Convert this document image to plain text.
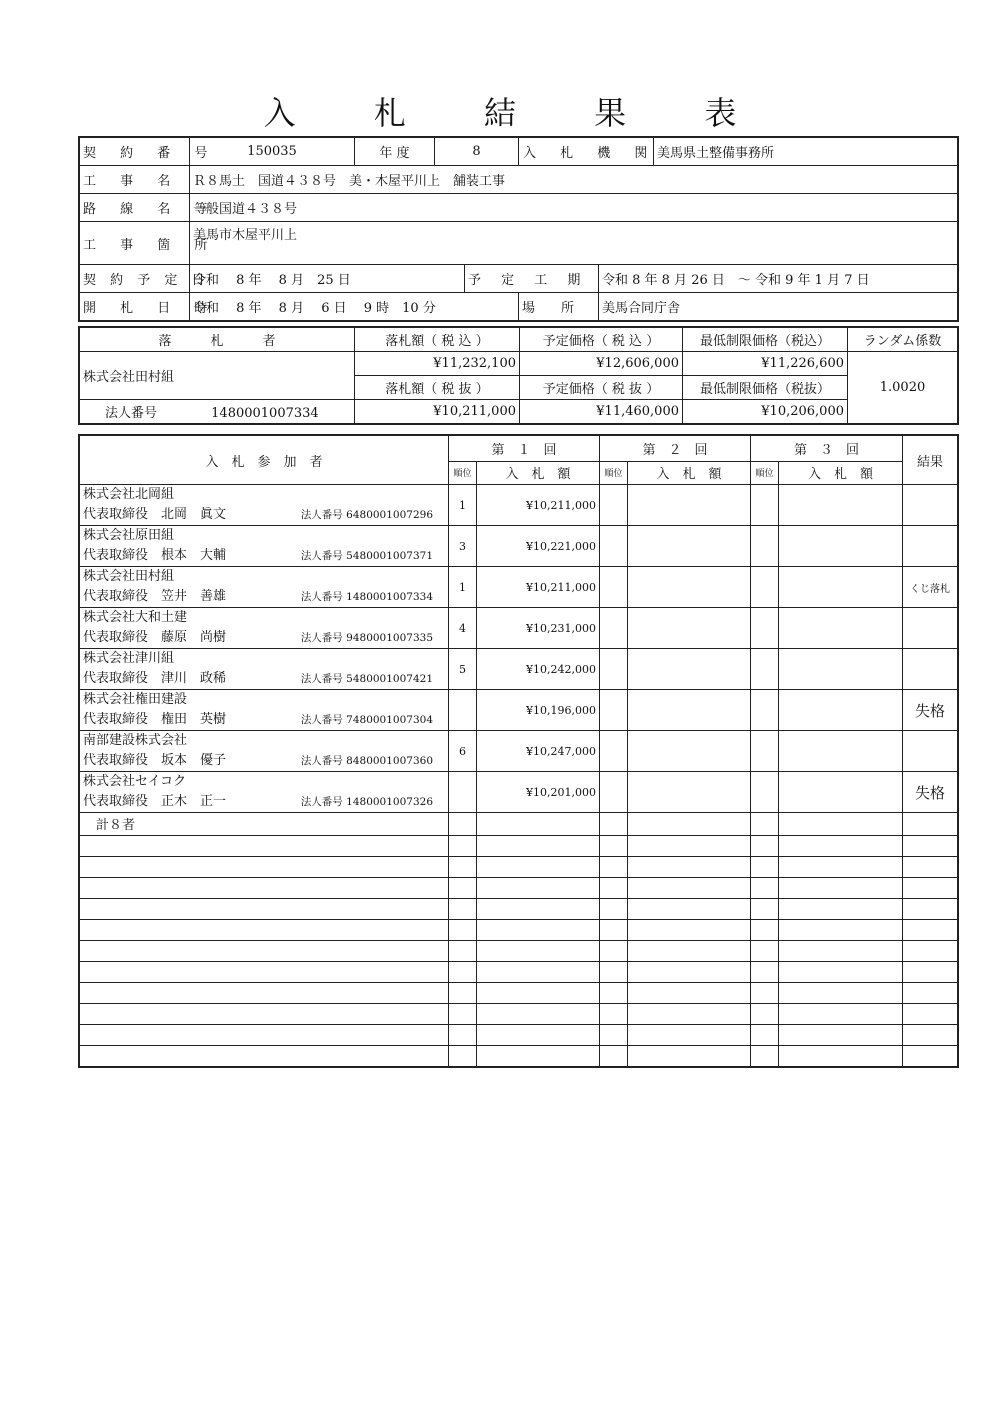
入 札 結 果 表
契 約 番 号	150035	年 度	8		入 札 機 関		美馬県土整備事務所
工 事 名	Ｒ８馬土　国道４３８号　美・木屋平川上　舗装工事						
路 線 名 等	一般国道４３８号						
工 事 箇 所	美馬市木屋平川上						
契 約 予 定 日	令和　 8 年　 8 月　25 日			予 定 工 期		令和 8 年 8 月 26 日　～ 令和 9 年 1 月 7 日	
開 札 日 時	令和　 8 年　 8 月　 6 日　 9 時　10 分				場　　所	美馬合同庁舎	
落　　　札　　　者	落札額（ 税 込 ）	予定価格（ 税 込 ）	最低制限価格（税込）	ランダム係数
株式会社田村組	¥11,232,100	¥12,606,000	¥11,226,600	1.0020
	落札額（ 税 抜 ）	予定価格（ 税 抜 ）	最低制限価格（税抜）	
法人番号 1480001007334	¥10,211,000	¥11,460,000	¥10,206,000	
入　札　参　加　者	第　１　回		第　２　回		第　３　回		結果
	順位	入　札　額	順位	入　札　額	順位	入　札　額	

株式会社北岡組
代表取締役　北岡　眞文 法人番号 6480001007296	1	¥10,211,000					

株式会社原田組
代表取締役　根本　大輔 法人番号 5480001007371	3	¥10,221,000					

株式会社田村組
代表取締役　笠井　善雄 法人番号 1480001007334	1	¥10,211,000					くじ落札

株式会社大和土建
代表取締役　藤原　尚樹 法人番号 9480001007335	4	¥10,231,000					

株式会社津川組
代表取締役　津川　政稀 法人番号 5480001007421	5	¥10,242,000					

株式会社権田建設
代表取締役　権田　英樹 法人番号 7480001007304		¥10,196,000					失格

南部建設株式会社
代表取締役　坂本　優子 法人番号 8480001007360	6	¥10,247,000					

株式会社セイコク
代表取締役　正木　正一 法人番号 1480001007326		¥10,201,000					失格
計８者							
